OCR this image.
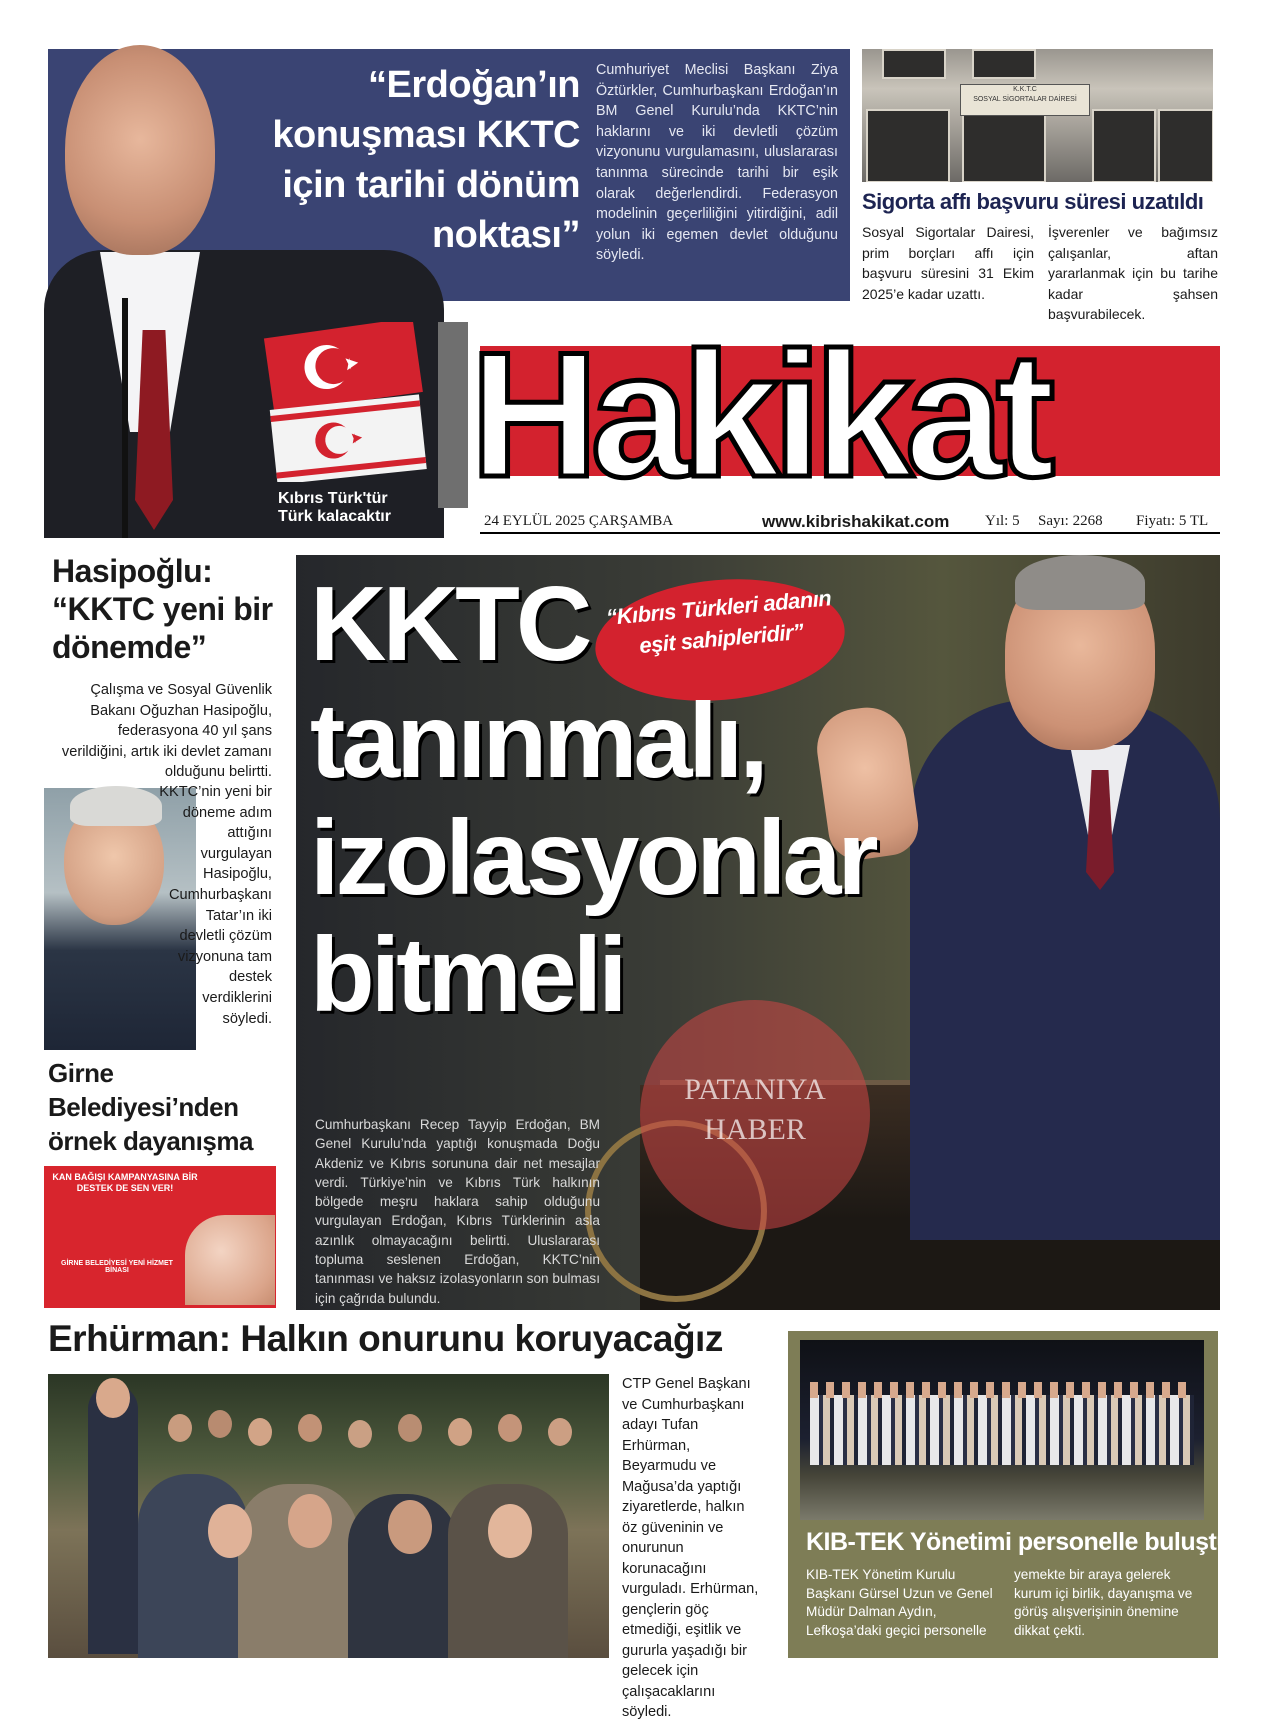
“Erdoğan’ın konuşması KKTC için tarihi dönüm noktası”
Cumhuriyet Meclisi Başkanı Ziya Öztürkler, Cumhurbaşkanı Erdoğan’ın BM Genel Kurulu’nda KKTC’nin haklarını ve iki devletli çözüm vizyonunu vurgulamasını, uluslararası tanınma sürecinde tarihi bir eşik olarak değerlendirdi. Federasyon modelinin geçerliliğini yitirdiğini, adil yolun iki egemen devlet olduğunu söyledi.
Kıbrıs Türk'tür
Türk kalacaktır
K.K.T.C
SOSYAL SİGORTALAR DAİRESİ
Sigorta affı başvuru süresi uzatıldı
Sosyal Sigortalar Dairesi, prim borçları affı için başvuru süresini 31 Ekim 2025’e kadar uzattı.
İşverenler ve bağımsız çalışanlar, aftan yararlanmak için bu tarihe kadar şahsen başvurabilecek.
Hakikat
24 EYLÜL 2025 ÇARŞAMBA	www.kibrishakikat.com Yıl: 5 Sayı: 2268 Fiyatı: 5 TL
Hasipoğlu: “KKTC yeni bir dönemde”
Çalışma ve Sosyal Güvenlik Bakanı Oğuzhan Hasipoğlu, federasyona 40 yıl şans verildiğini, artık iki devlet zamanı olduğunu belirtti.
KKTC’nin yeni bir döneme adım attığını vurgulayan Hasipoğlu, Cumhurbaşkanı Tatar’ın iki devletli çözüm vizyonuna tam destek verdiklerini söyledi.
Girne Belediyesi’nden örnek dayanışma
KAN BAĞIŞI KAMPANYASINA BİR DESTEK DE SEN VER!
GİRNE BELEDİYESİ YENİ HİZMET BİNASI
PATANIYA HABER
“Kıbrıs Türkleri adanın eşit sahipleridir”
KKTC tanınmalı, izolasyonlar bitmeli
Cumhurbaşkanı Recep Tayyip Erdoğan, BM Genel Kurulu’nda yaptığı konuşmada Doğu Akdeniz ve Kıbrıs sorununa dair net mesajlar verdi. Türkiye’nin ve Kıbrıs Türk halkının bölgede meşru haklara sahip olduğunu vurgulayan Erdoğan, Kıbrıs Türklerinin asla azınlık olmayacağını belirtti. Uluslararası topluma seslenen Erdoğan, KKTC’nin tanınması ve haksız izolasyonların son bulması için çağrıda bulundu.
Erhürman: Halkın onurunu koruyacağız
CTP Genel Başkanı ve Cumhurbaşkanı adayı Tufan Erhürman, Beyarmudu ve Mağusa’da yaptığı ziyaretlerde, halkın öz güveninin ve onurunun korunacağını vurguladı. Erhürman, gençlerin göç etmediği, eşitlik ve gururla yaşadığı bir gelecek için çalışacaklarını söyledi.
KIB-TEK Yönetimi personelle buluştu
KIB-TEK Yönetim Kurulu Başkanı Gürsel Uzun ve Genel Müdür Dalman Aydın, Lefkoşa’daki geçici personelle
yemekte bir araya gelerek kurum içi birlik, dayanışma ve görüş alışverişinin önemine dikkat çekti.
